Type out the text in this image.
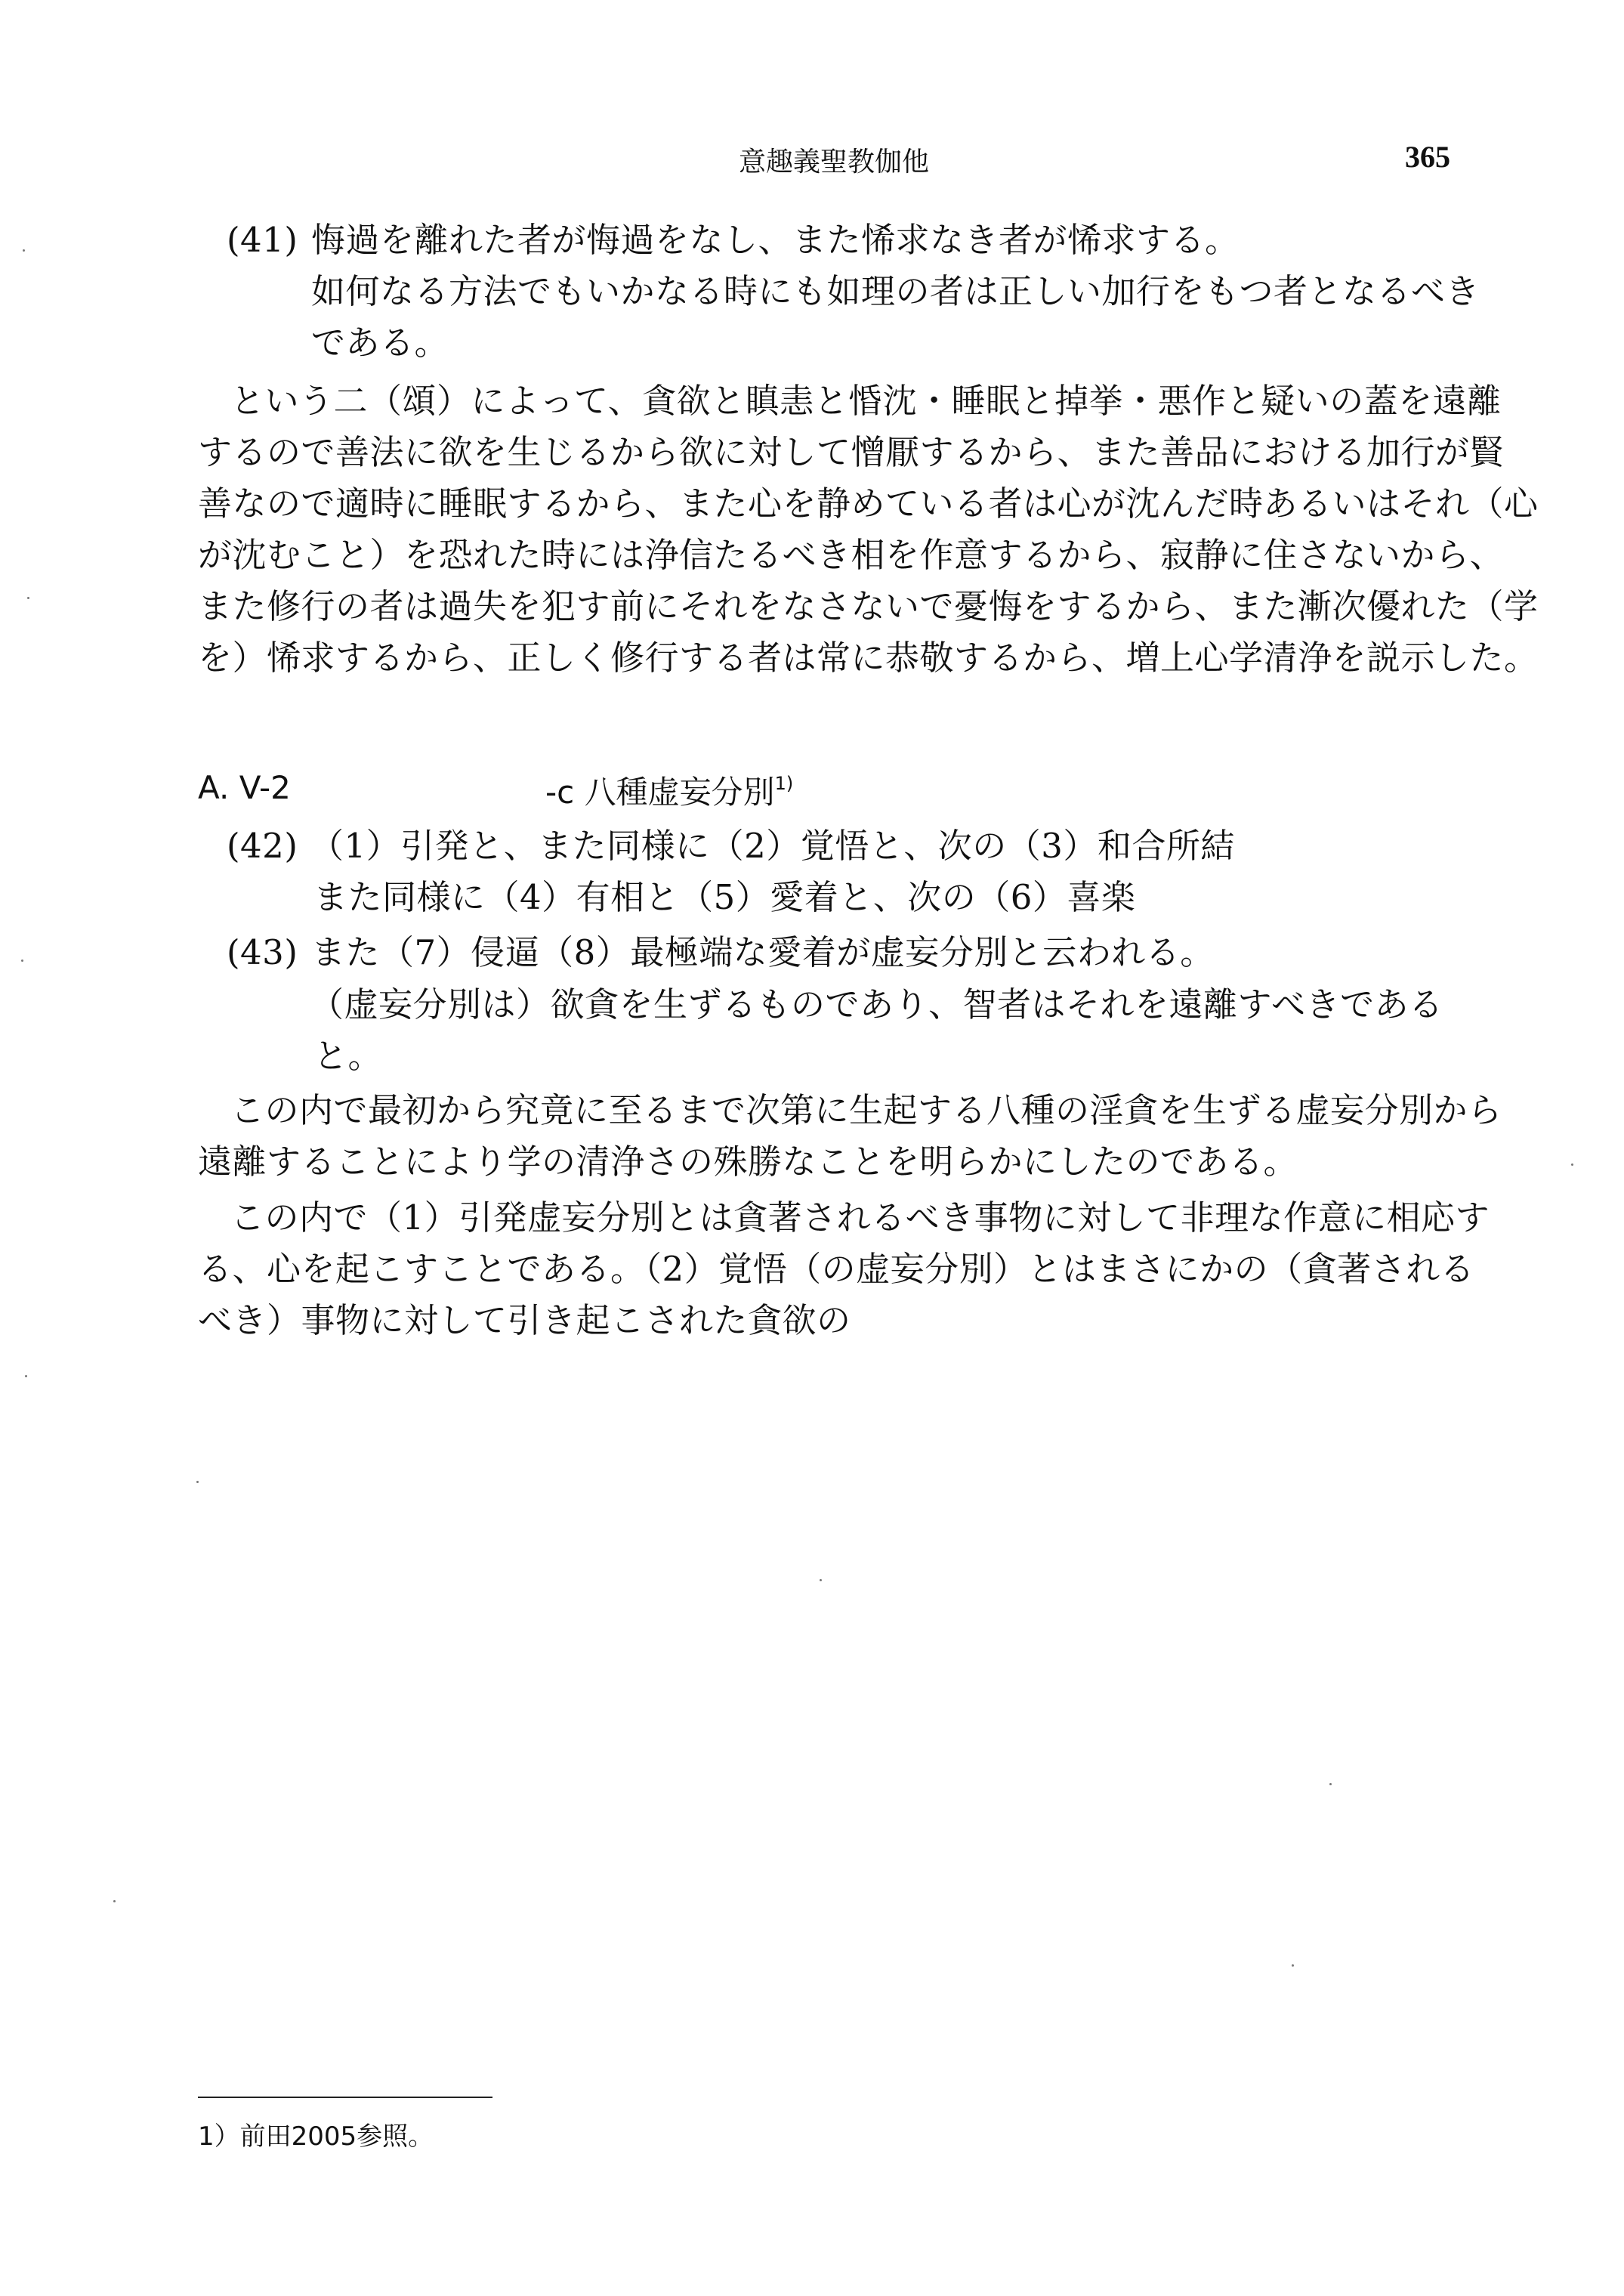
意趣義聖教伽他	365
(41) 悔過を離れた者が悔過をなし、また悕求なき者が悕求する。
如何なる方法でもいかなる時にも如理の者は正しい加行をもつ者となるべき
である。
という二（頌）によって、貪欲と瞋恚と惛沈・睡眠と掉挙・悪作と疑いの蓋を遠離
するので善法に欲を生じるから欲に対して憎厭するから、また善品における加行が賢
善なので適時に睡眠するから、また心を静めている者は心が沈んだ時あるいはそれ（心
が沈むこと）を恐れた時には浄信たるべき相を作意するから、寂静に住さないから、
また修行の者は過失を犯す前にそれをなさないで憂悔をするから、また漸次優れた（学
を）悕求するから、正しく修行する者は常に恭敬するから、増上心学清浄を説示した。
A. V-2	-c 八種虚妄分別$^{1)}$
(42) （1）引発と、また同様に（2）覚悟と、次の（3）和合所結
また同様に（4）有相と（5）愛着と、次の（6）喜楽
(43) また（7）侵逼（8）最極端な愛着が虚妄分別と云われる。
（虚妄分別は）欲貪を生ずるものであり、智者はそれを遠離すべきである
と。
この内で最初から究竟に至るまで次第に生起する八種の淫貪を生ずる虚妄分別から
遠離することにより学の清浄さの殊勝なことを明らかにしたのである。
この内で（1）引発虚妄分別とは貪著されるべき事物に対して非理な作意に相応す
る、心を起こすことである。（2）覚悟（の虚妄分別）とはまさにかの（貪著される
べき）事物に対して引き起こされた貪欲の
1）前田2005参照。
